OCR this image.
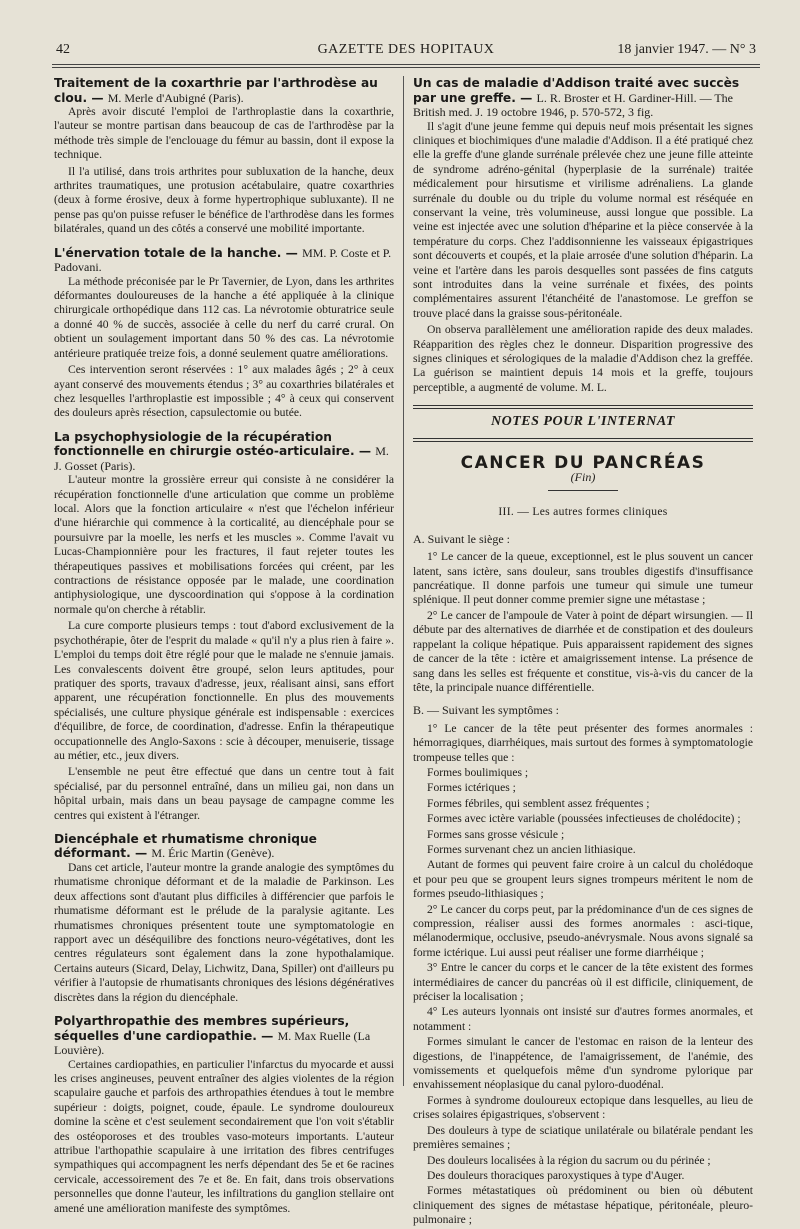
42	GAZETTE DES HOPITAUX	18 janvier 1947. — N° 3
Traitement de la coxarthrie par l'arthrodèse au clou. — M. Merle d'Aubigné (Paris).

Après avoir discuté l'emploi de l'arthroplastie dans la coxarthrie, l'auteur se montre partisan dans beaucoup de cas de l'arthrodèse par la méthode très simple de l'enclouage du fémur au bassin, dont il expose la technique.

Il l'a utilisé, dans trois arthrites pour subluxation de la hanche, deux arthrites traumatiques, une protusion acétabulaire, quatre coxarthries (deux à forme érosive, deux à forme hypertrophique subluxante). Il ne pense pas qu'on puisse refuser le bénéfice de l'arthrodèse dans les formes bilatérales, quand un des côtés a conservé une mobilité importante.

L'énervation totale de la hanche. — MM. P. Coste et P. Padovani.

La méthode préconisée par le Pr Tavernier, de Lyon, dans les arthrites déformantes douloureuses de la hanche a été appliquée à la clinique chirurgicale orthopédique dans 112 cas. La névrotomie obturatrice seule a donné 40 % de succès, associée à celle du nerf du carré crural. On obtient un soulagement important dans 50 % des cas. La névrotomie antérieure pratiquée treize fois, a donné seulement quatre améliorations.

Ces intervention seront réservées : 1° aux malades âgés ; 2° à ceux ayant conservé des mouvements étendus ; 3° au coxarthries bilatérales et chez lesquelles l'arthroplastie est impossible ; 4° à ceux qui conservent des douleurs après résection, capsulectomie ou butée.

La psychophysiologie de la récupération fonctionnelle en chirurgie ostéo-articulaire. — M. J. Gosset (Paris).

L'auteur montre la grossière erreur qui consiste à ne considérer la récupération fonctionnelle d'une articulation que comme un problème local. Alors que la fonction articulaire « n'est que l'échelon inférieur d'une hiérarchie qui commence à la corticalité, au diencéphale pour se poursuivre par la moelle, les nerfs et les muscles ». Comme l'avait vu Lucas-Championnière pour les fractures, il faut rejeter toutes les thérapeutiques passives et mobilisations forcées qui créent, par les contractions de résistance opposée par le malade, une coordination antiphysiologique, une dyscoordination qui s'oppose à la cordination normale qu'on cherche à rétablir.

La cure comporte plusieurs temps : tout d'abord exclusivement de la psychothérapie, ôter de l'esprit du malade « qu'il n'y a plus rien à faire ». L'emploi du temps doit être réglé pour que le malade ne s'ennuie jamais. Les convalescents doivent être groupé, selon leurs aptitudes, pour pratiquer des sports, travaux d'adresse, jeux, réalisant ainsi, sans effort apparent, une récupération fonctionnelle. En plus des mouvements spécialisés, une culture physique générale est indispensable : exercices d'équilibre, de force, de coordination, d'adresse. Enfin la thérapeutique occupationnelle des Anglo-Saxons : scie à découper, menuiserie, tissage au métier, etc., jeux divers.

L'ensemble ne peut être effectué que dans un centre tout à fait spécialisé, par du personnel entraîné, dans un milieu gai, non dans un hôpital urbain, mais dans un beau paysage de campagne comme les centres qui existent à l'étranger.

Diencéphale et rhumatisme chronique déformant. — M. Éric Martin (Genève).

Dans cet article, l'auteur montre la grande analogie des symptômes du rhumatisme chronique déformant et de la maladie de Parkinson. Les deux affections sont d'autant plus difficiles à différencier que parfois le rhumatisme déformant est le prélude de la paralysie agitante. Les rhumatismes chroniques présentent toute une symptomatologie en rapport avec un déséquilibre des fonctions neuro-végétatives, dont les centres régulateurs sont également dans la zone hypothalamique. Certains auteurs (Sicard, Delay, Lichwitz, Dana, Spiller) ont d'ailleurs pu vérifier à l'autopsie de rhumatisants chroniques des lésions dégénératives discrètes dans la région du diencéphale.

Polyarthropathie des membres supérieurs, séquelles d'une cardiopathie. — M. Max Ruelle (La Louvière).

Certaines cardiopathies, en particulier l'infarctus du myocarde et aussi les crises angineuses, peuvent entraîner des algies violentes de la région scapulaire gauche et parfois des arthropathies étendues à tout le membre supérieur : doigts, poignet, coude, épaule. Le syndrome douloureux domine la scène et c'est seulement secondairement que l'on voit s'établir des ostéoporoses et des troubles vaso-moteurs importants. L'auteur attribue l'arthopathie scapulaire à une irritation des fibres centrifuges sympathiques qui accompagnent les nerfs dépendant des 5e et 6e racines cervicale, accessoirement des 7e et 8e. En fait, dans trois observations personnelles que donne l'auteur, les infiltrations du ganglion stellaire ont amené une amélioration manifeste des symptômes.

Un cas de maladie d'Addison traité avec succès par une greffe. — L. R. Broster et H. Gardiner-Hill. — The British med. J. 19 octobre 1946, p. 570-572, 3 fig.

Il s'agit d'une jeune femme qui depuis neuf mois présentait les signes cliniques et biochimiques d'une maladie d'Addison. Il a été pratiqué chez elle la greffe d'une glande surrénale prélevée chez une jeune fille atteinte de syndrome adréno-génital (hyperplasie de la surrénale) traitée médicalement pour hirsutisme et virilisme adrénaliens. La glande surrénale du double ou du triple du volume normal est réséquée en conservant la veine, très volumineuse, aussi longue que possible. La veine est injectée avec une solution d'héparine et la pièce conservée à la température du corps. Chez l'addisonnienne les vaisseaux épigastriques sont découverts et coupés, et la plaie arrosée d'une solution d'héparin. La veine et l'artère dans les parois desquelles sont passées de fins catguts sont introduites dans la veine surrénale et fixées, des points complémentaires assurent l'étanchéité de l'anastomose. Le greffon se trouve placé dans la graisse sous-péritonéale.

On observa parallèlement une amélioration rapide des deux malades. Réapparition des règles chez le donneur. Disparition progressive des signes cliniques et sérologiques de la maladie d'Addison chez la greffée. La guérison se maintient depuis 14 mois et la greffe, toujours perceptible, a augmenté de volume. M. L.

NOTES POUR L'INTERNAT
CANCER DU PANCRÉAS
(Fin)
III. — Les autres formes cliniques
A. Suivant le siège :

1° Le cancer de la queue, exceptionnel, est le plus souvent un cancer latent, sans ictère, sans douleur, sans troubles digestifs d'insuffisance pancréatique. Il donne parfois une tumeur qui simule une tumeur splénique. Il peut donner comme premier signe une métastase ;

2° Le cancer de l'ampoule de Vater à point de départ wirsungien. — Il débute par des alternatives de diarrhée et de constipation et des douleurs rappelant la colique hépatique. Puis apparaissent rapidement des signes de cancer de la tête : ictère et amaigrissement intense. La présence de sang dans les selles est fréquente et constitue, vis-à-vis du cancer de la tête, la principale nuance différentielle.

B. — Suivant les symptômes :

1° Le cancer de la tête peut présenter des formes anormales : hémorragiques, diarrhéiques, mais surtout des formes à symptomatologie trompeuse telles que :

Formes boulimiques ;

Formes ictériques ;

Formes fébriles, qui semblent assez fréquentes ;

Formes avec ictère variable (poussées infectieuses de cholédocite) ;

Formes sans grosse vésicule ;

Formes survenant chez un ancien lithiasique.

Autant de formes qui peuvent faire croire à un calcul du cholédoque et pour peu que se groupent leurs signes trompeurs méritent le nom de formes pseudo-lithiasiques ;

2° Le cancer du corps peut, par la prédominance d'un de ces signes de compression, réaliser aussi des formes anormales : asci-tique, mélanodermique, occlusive, pseudo-anévrysmale. Nous avons signalé sa forme ictérique. Lui aussi peut réaliser une forme diarrhéique ;

3° Entre le cancer du corps et le cancer de la tête existent des formes intermédiaires de cancer du pancréas où il est difficile, cliniquement, de préciser la localisation ;

4° Les auteurs lyonnais ont insisté sur d'autres formes anormales, et notamment :

Formes simulant le cancer de l'estomac en raison de la lenteur des digestions, de l'inappétence, de l'amaigrissement, de l'anémie, des vomissements et quelquefois même d'un syndrome pylorique par envahissement néoplasique du canal pyloro-duodénal.

Formes à syndrome douloureux ectopique dans lesquelles, au lieu de crises solaires épigastriques, s'observent :

Des douleurs à type de sciatique unilatérale ou bilatérale pendant les premières semaines ;

Des douleurs localisées à la région du sacrum ou du périnée ;

Des douleurs thoraciques paroxystiques à type d'Auger.

Formes métastatiques où prédominent ou bien où débutent cliniquement des signes de métastase hépatique, péritonéale, pleuro-pulmonaire ;
